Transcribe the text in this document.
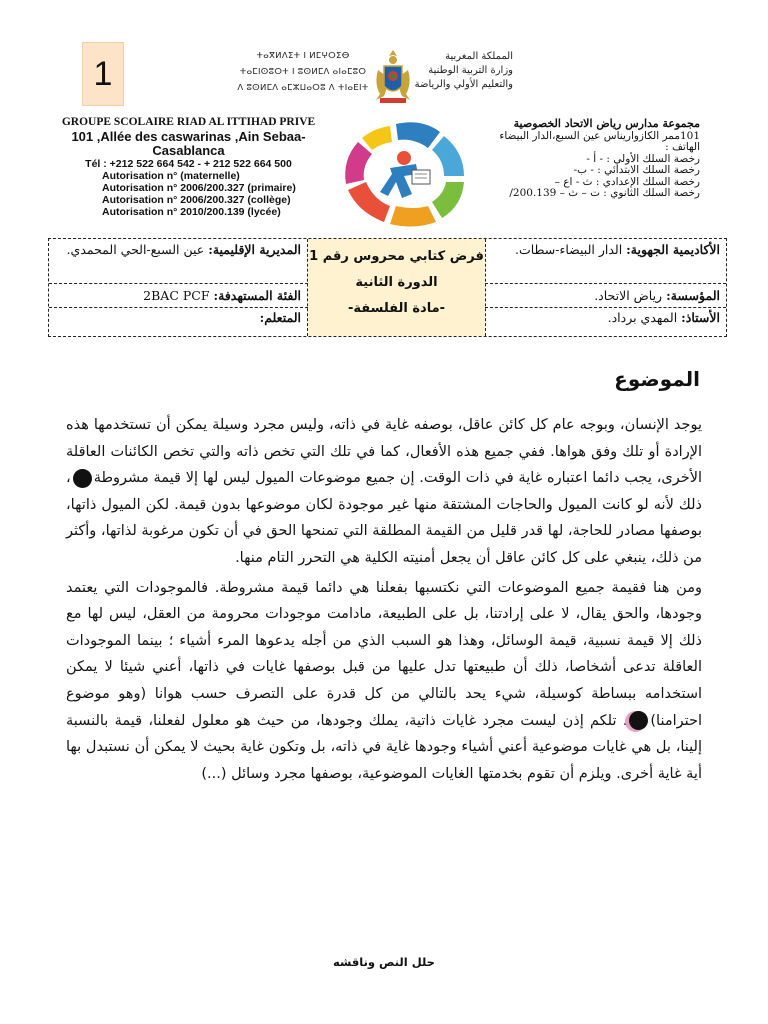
1	ⵜⴰⴳⵍⴷⵉⵜ ⵏ ⵍⵎⵖⵔⵉⴱ
ⵜⴰⵎⵏⵙⵓⵔⵜ ⵏ ⵓⵙⵍⵎⴷ ⴰⵏⴰⵎⵓⵔ
ⴷ ⵓⵙⵍⵎⴷ ⴰⵎⵣⵡⴰⵔⵓ ⴷ ⵜⵏⴰⴹⵏⵜ
المملكة المغربية
وزارة التربية الوطنية
والتعليم الأولي والرياضة
GROUPE SCOLAIRE RIAD AL ITTIHAD PRIVE
101 ,Allée des caswarinas ,Ain Sebaa-
Casablanca
Tél : +212 522 664 542 - + 212 522 664 500
Autorisation n° (maternelle)
Autorisation n° 2006/200.327 (primaire)
Autorisation n° 2006/200.327 (collège)
Autorisation n° 2010/200.139 (lycée)
مجموعة مدارس رياض الاتحاد الخصوصية
101ممر الكازواريناس عين السبع،الدار البيضاء
الهاتف :
رخصة السلك الأولي : - أ -
رخصة السلك الابتدائي : - ب-
رخصة السلك الإعدادي : ث - اع –
رخصة السلك الثانوي : ت – ث – 200.139/
فرض كتابي محروس رقم 1
الدورة الثانية
-مادة الفلسفة-
الأكاديمية الجهوية: الدار البيضاء-سطات.
المؤسسة: رياض الاتحاد.
الأستاذ: المهدي برداد.
المديرية الإقليمية: عين السبع-الحي المحمدي.
الفئة المستهدفة: 2BAC PCF
المتعلم:
الموضوع

يوجد الإنسان، وبوجه عام كل كائن عاقل، بوصفه غاية في ذاته، وليس مجرد وسيلة يمكن أن تستخدمها هذه الإرادة أو تلك وفق هواها. ففي جميع هذه الأفعال، كما في تلك التي تخص ذاته والتي تخص الكائنات العاقلة الأخرى، يجب دائما اعتباره غاية في ذات الوقت. إن جميع موضوعات الميول ليس لها إلا قيمة مشروطة، ذلك لأنه لو كانت الميول والحاجات المشتقة منها غير موجودة لكان موضوعها بدون قيمة. لكن الميول ذاتها، بوصفها مصادر للحاجة، لها قدر قليل من القيمة المطلقة التي تمنحها الحق في أن تكون مرغوبة لذاتها، وأكثر من ذلك، ينبغي على كل كائن عاقل أن يجعل أمنيته الكلية هي التحرر التام منها.

ومن هنا فقيمة جميع الموضوعات التي نكتسبها بفعلنا هي دائما قيمة مشروطة. فالموجودات التي يعتمد وجودها، والحق يقال، لا على إرادتنا، بل على الطبيعة، مادامت موجودات محرومة من العقل، ليس لها مع ذلك إلا قيمة نسبية، قيمة الوسائل، وهذا هو السبب الذي من أجله يدعوها المرء أشياء ؛ بينما الموجودات العاقلة تدعى أشخاصا، ذلك أن طبيعتها تدل عليها من قبل بوصفها غايات في ذاتها، أعني شيئا لا يمكن استخدامه ببساطة كوسيلة، شيء يحد بالتالي من كل قدرة على التصرف حسب هوانا (وهو موضوع احترامنا). تلكم إذن ليست مجرد غايات ذاتية، يملك وجودها، من حيث هو معلول لفعلنا، قيمة بالنسبة إلينا، بل هي غايات موضوعية أعني أشياء وجودها غاية في ذاته، بل وتكون غاية بحيث لا يمكن أن نستبدل بها أية غاية أخرى. ويلزم أن تقوم بخدمتها الغايات الموضوعية، بوصفها مجرد وسائل (...)

حلل النص وناقشه
